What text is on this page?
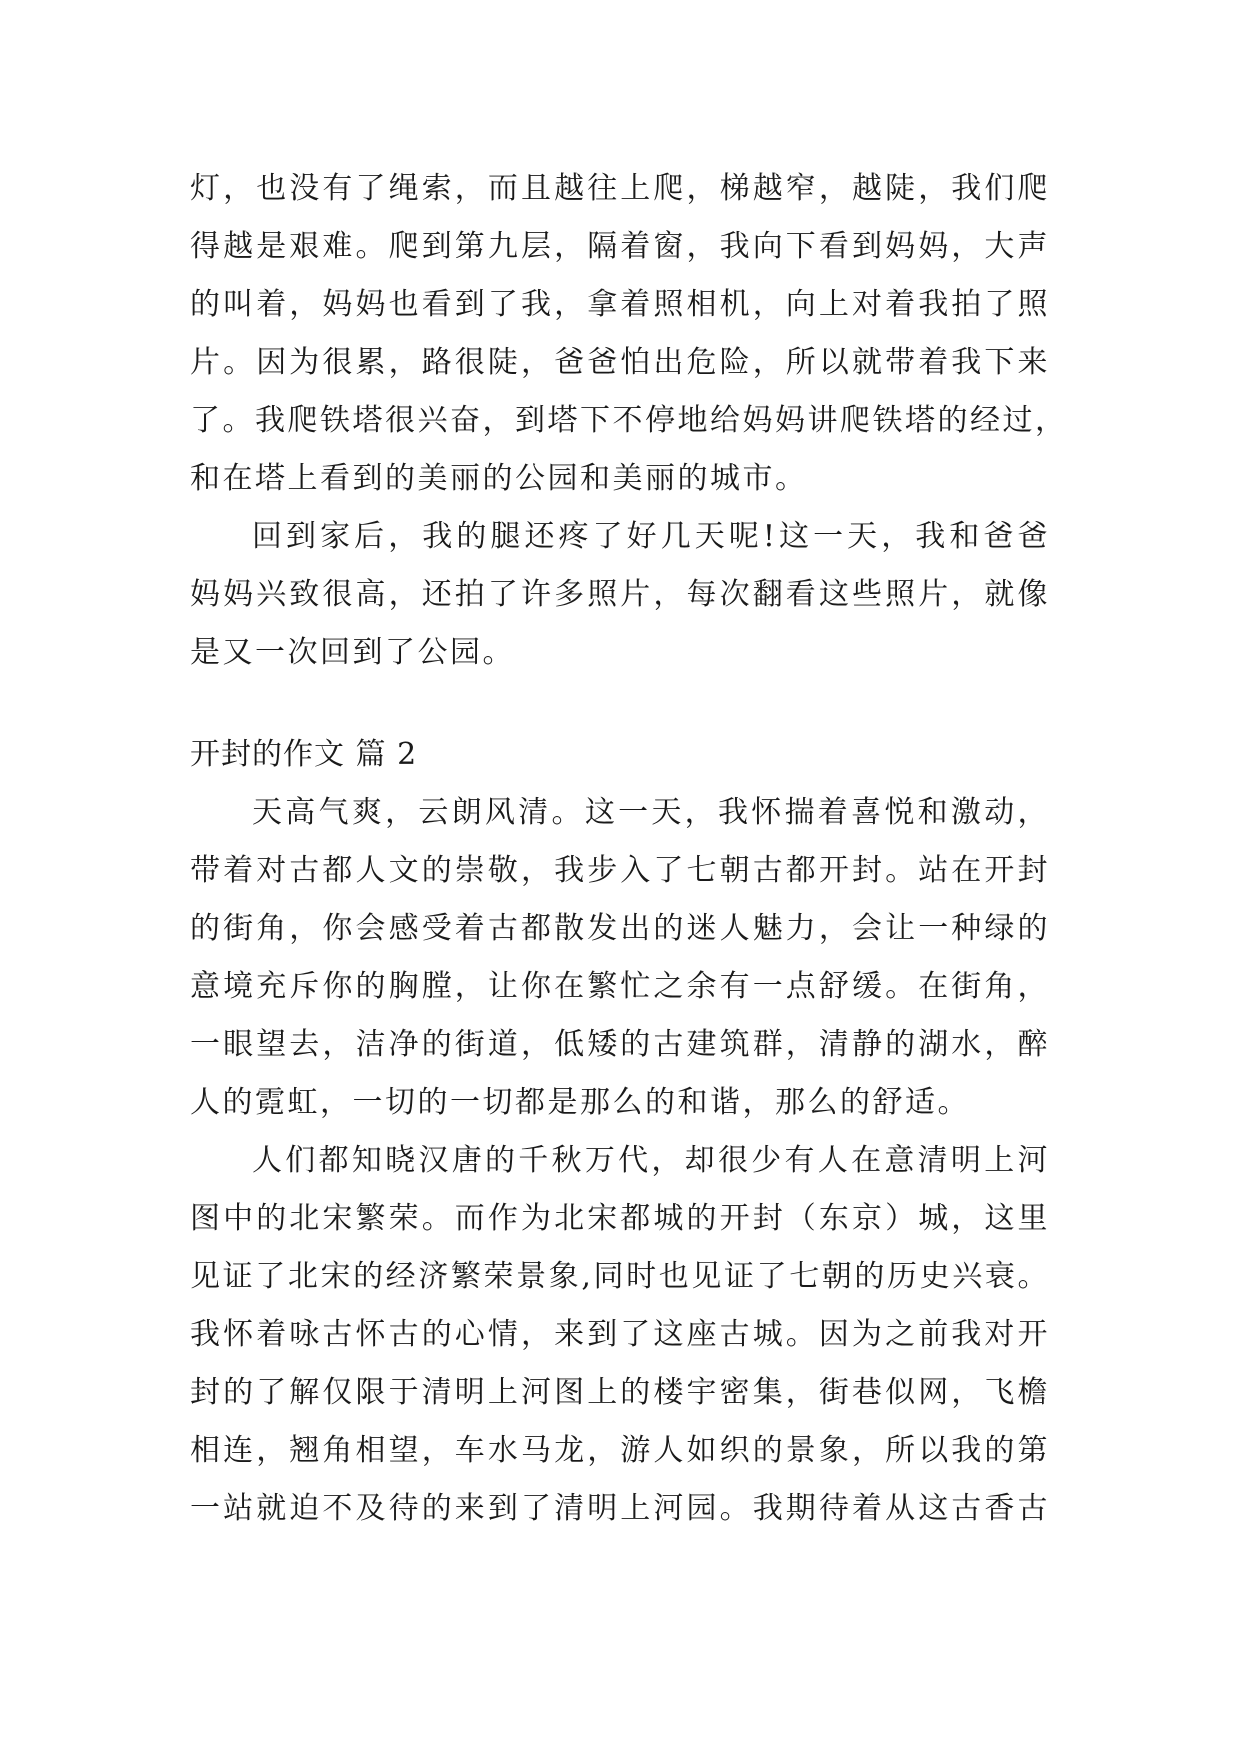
灯，也没有了绳索，而且越往上爬，梯越窄，越陡，我们爬
得越是艰难。爬到第九层，隔着窗，我向下看到妈妈，大声
的叫着，妈妈也看到了我，拿着照相机，向上对着我拍了照
片。因为很累，路很陡，爸爸怕出危险，所以就带着我下来
了。我爬铁塔很兴奋，到塔下不停地给妈妈讲爬铁塔的经过，
和在塔上看到的美丽的公园和美丽的城市。
回到家后，我的腿还疼了好几天呢!这一天，我和爸爸
妈妈兴致很高，还拍了许多照片，每次翻看这些照片，就像
是又一次回到了公园。
开封的作文 篇 2
天高气爽，云朗风清。这一天，我怀揣着喜悦和激动，
带着对古都人文的崇敬，我步入了七朝古都开封。站在开封
的街角，你会感受着古都散发出的迷人魅力，会让一种绿的
意境充斥你的胸膛，让你在繁忙之余有一点舒缓。在街角，
一眼望去，洁净的街道，低矮的古建筑群，清静的湖水，醉
人的霓虹，一切的一切都是那么的和谐，那么的舒适。
人们都知晓汉唐的千秋万代，却很少有人在意清明上河
图中的北宋繁荣。而作为北宋都城的开封（东京）城，这里
见证了北宋的经济繁荣景象,同时也见证了七朝的历史兴衰。
我怀着咏古怀古的心情，来到了这座古城。因为之前我对开
封的了解仅限于清明上河图上的楼宇密集，街巷似网，飞檐
相连，翘角相望，车水马龙，游人如织的景象，所以我的第
一站就迫不及待的来到了清明上河园。我期待着从这古香古
